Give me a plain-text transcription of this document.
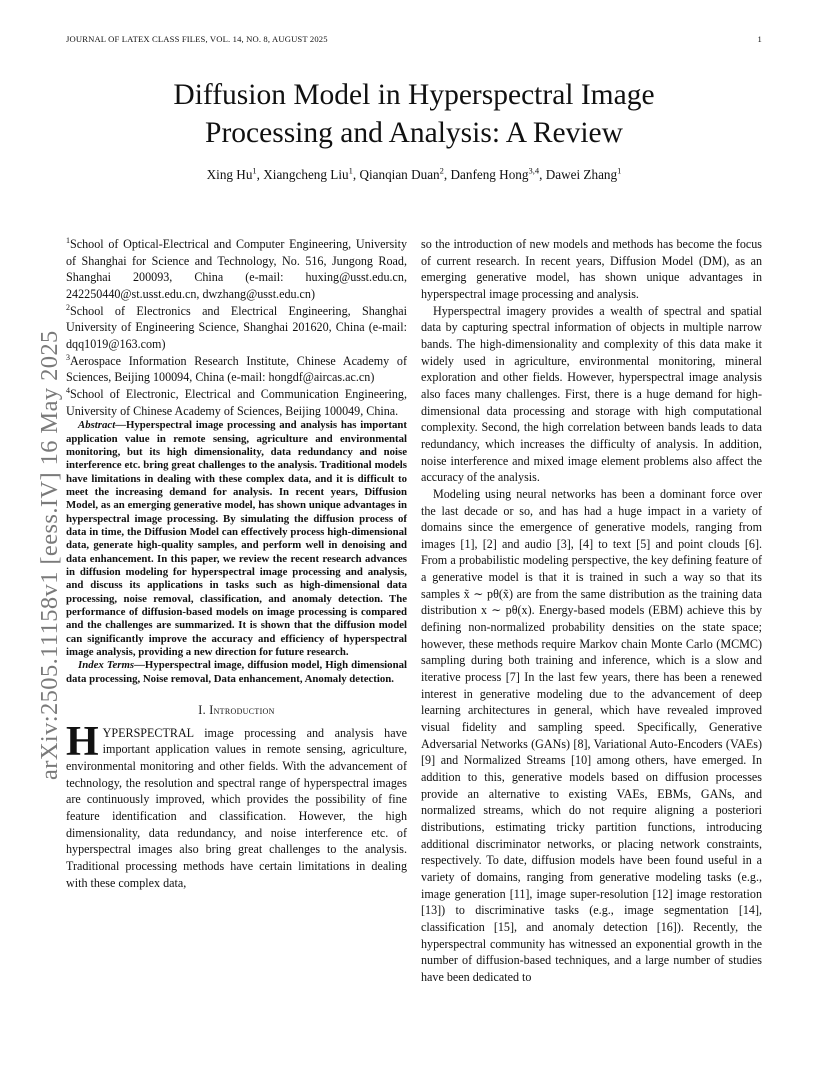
JOURNAL OF LATEX CLASS FILES, VOL. 14, NO. 8, AUGUST 2025	1
arXiv:2505.11158v1 [eess.IV] 16 May 2025
Diffusion Model in Hyperspectral Image
Processing and Analysis: A Review
Xing Hu$^1$, Xiangcheng Liu$^1$, Qianqian Duan$^2$, Danfeng Hong$^{3,4}$, Dawei Zhang$^1$

$^1$School of Optical-Electrical and Computer Engineering, University of Shanghai for Science and Technology, No. 516, Jungong Road, Shanghai 200093, China (e-mail: huxing@usst.edu.cn, 242250440@st.usst.edu.cn, dwzhang@usst.edu.cn)

$^2$School of Electronics and Electrical Engineering, Shanghai University of Engineering Science, Shanghai 201620, China (e-mail: dqq1019@163.com)

$^3$Aerospace Information Research Institute, Chinese Academy of Sciences, Beijing 100094, China (e-mail: hongdf@aircas.ac.cn)

$^4$School of Electronic, Electrical and Communication Engineering, University of Chinese Academy of Sciences, Beijing 100049, China.

Abstract—Hyperspectral image processing and analysis has important application value in remote sensing, agriculture and environmental monitoring, but its high dimensionality, data redundancy and noise interference etc. bring great challenges to the analysis. Traditional models have limitations in dealing with these complex data, and it is difficult to meet the increasing demand for analysis. In recent years, Diffusion Model, as an emerging generative model, has shown unique advantages in hyperspectral image processing. By simulating the diffusion process of data in time, the Diffusion Model can effectively process high-dimensional data, generate high-quality samples, and perform well in denoising and data enhancement. In this paper, we review the recent research advances in diffusion modeling for hyperspectral image processing and analysis, and discuss its applications in tasks such as high-dimensional data processing, noise removal, classification, and anomaly detection. The performance of diffusion-based models on image processing is compared and the challenges are summarized. It is shown that the diffusion model can significantly improve the accuracy and efficiency of hyperspectral image analysis, providing a new direction for future research.

Index Terms—Hyperspectral image, diffusion model, High dimensional data processing, Noise removal, Data enhancement, Anomaly detection.

I. Introduction

HYPERSPECTRAL image processing and analysis have important application values in remote sensing, agriculture, environmental monitoring and other fields. With the advancement of technology, the resolution and spectral range of hyperspectral images are continuously improved, which provides the possibility of fine feature identification and classification. However, the high dimensionality, data redundancy, and noise interference etc. of hyperspectral images also bring great challenges to the analysis. Traditional processing methods have certain limitations in dealing with these complex data,

so the introduction of new models and methods has become the focus of current research. In recent years, Diffusion Model (DM), as an emerging generative model, has shown unique advantages in hyperspectral image processing and analysis.

Hyperspectral imagery provides a wealth of spectral and spatial data by capturing spectral information of objects in multiple narrow bands. The high-dimensionality and complexity of this data make it widely used in agriculture, environmental monitoring, mineral exploration and other fields. However, hyperspectral image analysis also faces many challenges. First, there is a huge demand for high-dimensional data processing and storage with high computational complexity. Second, the high correlation between bands leads to data redundancy, which increases the difficulty of analysis. In addition, noise interference and mixed image element problems also affect the accuracy of the analysis.

Modeling using neural networks has been a dominant force over the last decade or so, and has had a huge impact in a variety of domains since the emergence of generative models, ranging from images [1], [2] and audio [3], [4] to text [5] and point clouds [6]. From a probabilistic modeling perspective, the key defining feature of a generative model is that it is trained in such a way so that its samples x̃ ∼ pθ(x̃) are from the same distribution as the training data distribution x ∼ pθ(x). Energy-based models (EBM) achieve this by defining non-normalized probability densities on the state space; however, these methods require Markov chain Monte Carlo (MCMC) sampling during both training and inference, which is a slow and iterative process [7] In the last few years, there has been a renewed interest in generative modeling due to the advancement of deep learning architectures in general, which have revealed improved visual fidelity and sampling speed. Specifically, Generative Adversarial Networks (GANs) [8], Variational Auto-Encoders (VAEs) [9] and Normalized Streams [10] among others, have emerged. In addition to this, generative models based on diffusion processes provide an alternative to existing VAEs, EBMs, GANs, and normalized streams, which do not require aligning a posteriori distributions, estimating tricky partition functions, introducing additional discriminator networks, or placing network constraints, respectively. To date, diffusion models have been found useful in a variety of domains, ranging from generative modeling tasks (e.g., image generation [11], image super-resolution [12] image restoration [13]) to discriminative tasks (e.g., image segmentation [14], classification [15], and anomaly detection [16]). Recently, the hyperspectral community has witnessed an exponential growth in the number of diffusion-based techniques, and a large number of studies have been dedicated to
